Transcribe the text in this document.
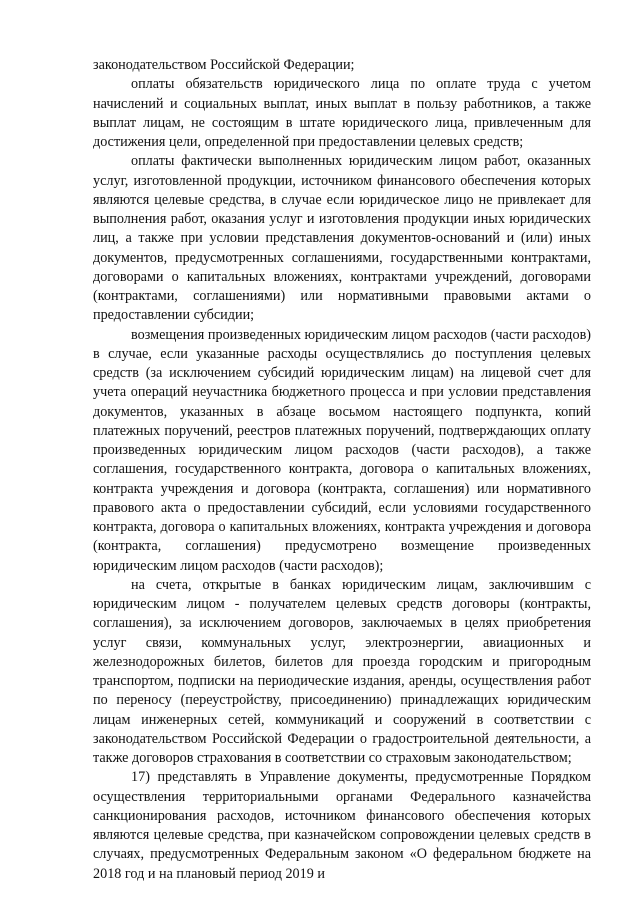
законодательством Российской Федерации;

оплаты обязательств юридического лица по оплате труда с учетом начислений и социальных выплат, иных выплат в пользу работников, а также выплат лицам, не состоящим в штате юридического лица, привлеченным для достижения цели, определенной при предоставлении целевых средств;

оплаты фактически выполненных юридическим лицом работ, оказанных услуг, изготовленной продукции, источником финансового обеспечения которых являются целевые средства, в случае если юридическое лицо не привлекает для выполнения работ, оказания услуг и изготовления продукции иных юридических лиц, а также при условии представления документов-оснований и (или) иных документов, предусмотренных соглашениями, государственными контрактами, договорами о капитальных вложениях, контрактами учреждений, договорами (контрактами, соглашениями) или нормативными правовыми актами о предоставлении субсидии;

возмещения произведенных юридическим лицом расходов (части расходов) в случае, если указанные расходы осуществлялись до поступления целевых средств (за исключением субсидий юридическим лицам) на лицевой счет для учета операций неучастника бюджетного процесса и при условии представления документов, указанных в абзаце восьмом настоящего подпункта, копий платежных поручений, реестров платежных поручений, подтверждающих оплату произведенных юридическим лицом расходов (части расходов), а также соглашения, государственного контракта, договора о капитальных вложениях, контракта учреждения и договора (контракта, соглашения) или нормативного правового акта о предоставлении субсидий, если условиями государственного контракта, договора о капитальных вложениях, контракта учреждения и договора (контракта, соглашения) предусмотрено возмещение произведенных юридическим лицом расходов (части расходов);

на счета, открытые в банках юридическим лицам, заключившим с юридическим лицом - получателем целевых средств договоры (контракты, соглашения), за исключением договоров, заключаемых в целях приобретения услуг связи, коммунальных услуг, электроэнергии, авиационных и железнодорожных билетов, билетов для проезда городским и пригородным транспортом, подписки на периодические издания, аренды, осуществления работ по переносу (переустройству, присоединению) принадлежащих юридическим лицам инженерных сетей, коммуникаций и сооружений в соответствии с законодательством Российской Федерации о градостроительной деятельности, а также договоров страхования в соответствии со страховым законодательством;

17) представлять в Управление документы, предусмотренные Порядком осуществления территориальными органами Федерального казначейства санкционирования расходов, источником финансового обеспечения которых являются целевые средства, при казначейском сопровождении целевых средств в случаях, предусмотренных Федеральным законом «О федеральном бюджете на 2018 год и на плановый период 2019 и
